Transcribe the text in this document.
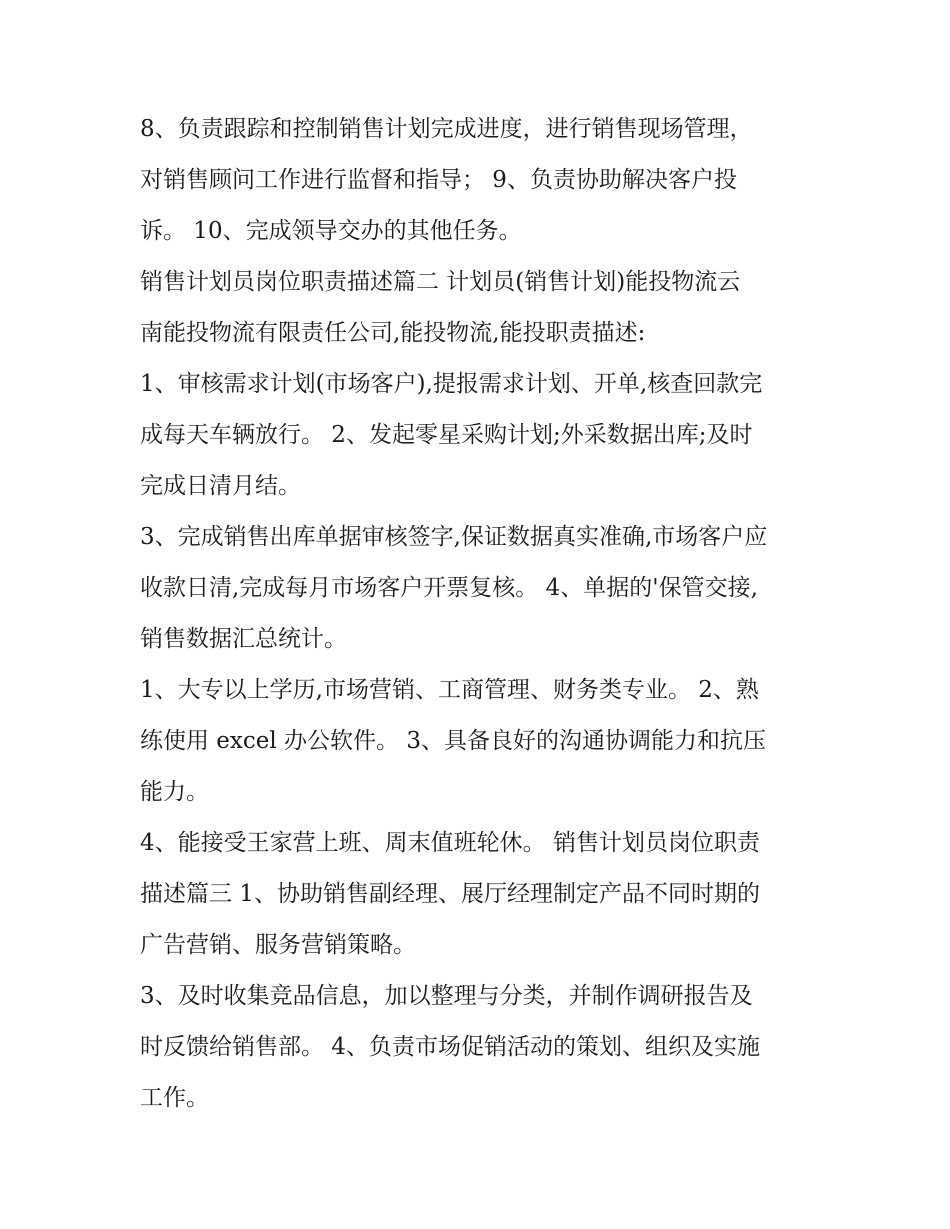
8、负责跟踪和控制销售计划完成进度，进行销售现场管理，
对销售顾问工作进行监督和指导； 9、负责协助解决客户投
诉。 10、完成领导交办的其他任务。

销售计划员岗位职责描述篇二 计划员(销售计划)能投物流云
南能投物流有限责任公司,能投物流,能投职责描述:

1、审核需求计划(市场客户),提报需求计划、开单,核查回款完
成每天车辆放行。 2、发起零星采购计划;外采数据出库;及时
完成日清月结。

3、完成销售出库单据审核签字,保证数据真实准确,市场客户应
收款日清,完成每月市场客户开票复核。 4、单据的'保管交接,
销售数据汇总统计。

1、大专以上学历,市场营销、工商管理、财务类专业。 2、熟
练使用 excel 办公软件。 3、具备良好的沟通协调能力和抗压
能力。

4、能接受王家营上班、周末值班轮休。 销售计划员岗位职责
描述篇三 1、协助销售副经理、展厅经理制定产品不同时期的
广告营销、服务营销策略。

3、及时收集竞品信息，加以整理与分类，并制作调研报告及
时反馈给销售部。 4、负责市场促销活动的策划、组织及实施
工作。
